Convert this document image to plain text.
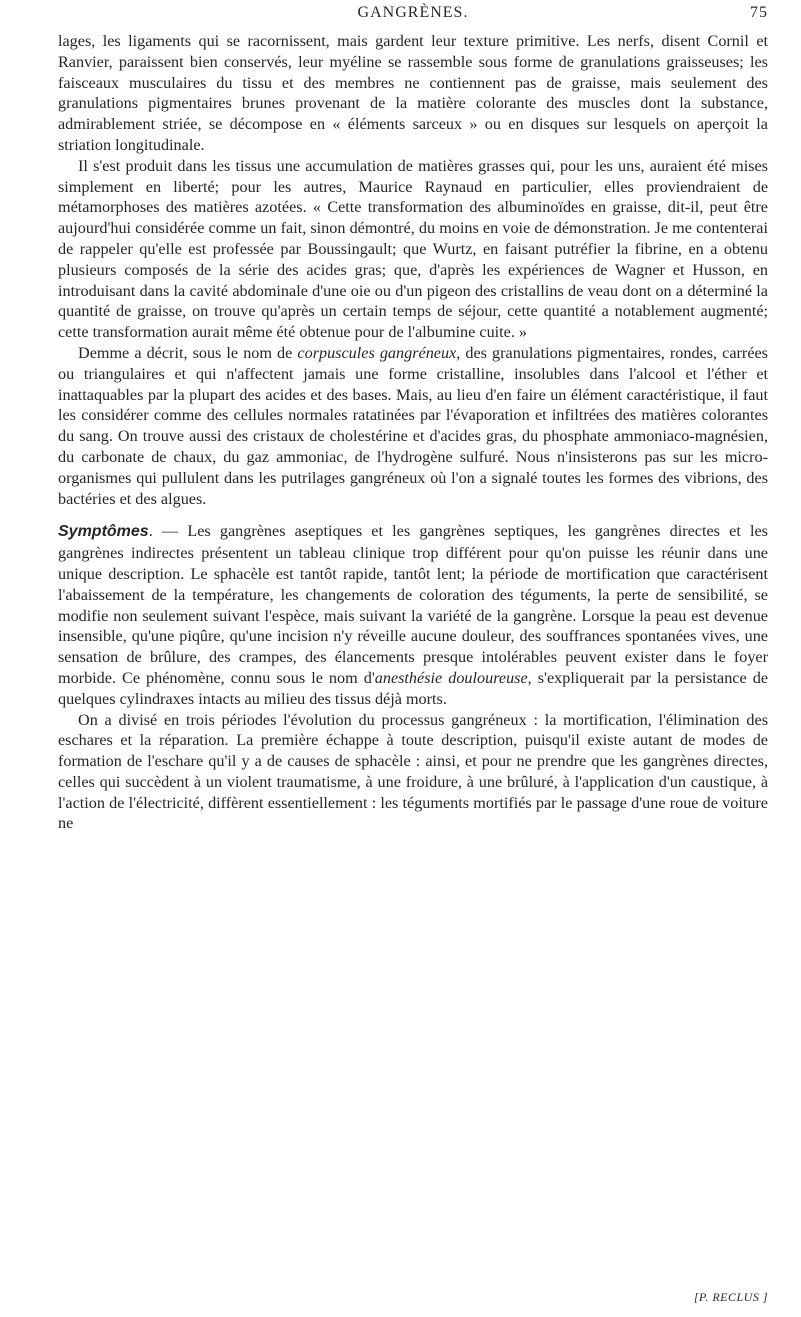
GANGRÈNES.	75

lages, les ligaments qui se racornissent, mais gardent leur texture primitive. Les nerfs, disent Cornil et Ranvier, paraissent bien conservés, leur myéline se rassemble sous forme de granulations graisseuses; les faisceaux musculaires du tissu et des membres ne contiennent pas de graisse, mais seulement des granulations pigmentaires brunes provenant de la matière colorante des muscles dont la substance, admirablement striée, se décompose en « éléments sarceux » ou en disques sur lesquels on aperçoit la striation longitudinale.

Il s'est produit dans les tissus une accumulation de matières grasses qui, pour les uns, auraient été mises simplement en liberté; pour les autres, Maurice Raynaud en particulier, elles proviendraient de métamorphoses des matières azotées. « Cette transformation des albuminoïdes en graisse, dit-il, peut être aujourd'hui considérée comme un fait, sinon démontré, du moins en voie de démonstration. Je me contenterai de rappeler qu'elle est professée par Boussingault; que Wurtz, en faisant putréfier la fibrine, en a obtenu plusieurs composés de la série des acides gras; que, d'après les expériences de Wagner et Husson, en introduisant dans la cavité abdominale d'une oie ou d'un pigeon des cristallins de veau dont on a déterminé la quantité de graisse, on trouve qu'après un certain temps de séjour, cette quantité a notablement augmenté; cette transformation aurait même été obtenue pour de l'albumine cuite. »

Demme a décrit, sous le nom de corpuscules gangréneux, des granulations pigmentaires, rondes, carrées ou triangulaires et qui n'affectent jamais une forme cristalline, insolubles dans l'alcool et l'éther et inattaquables par la plupart des acides et des bases. Mais, au lieu d'en faire un élément caractéristique, il faut les considérer comme des cellules normales ratatinées par l'évaporation et infiltrées des matières colorantes du sang. On trouve aussi des cristaux de cholestérine et d'acides gras, du phosphate ammoniaco-magnésien, du carbonate de chaux, du gaz ammoniac, de l'hydrogène sulfuré. Nous n'insisterons pas sur les micro-organismes qui pullulent dans les putrilages gangréneux où l'on a signalé toutes les formes des vibrions, des bactéries et des algues.

Symptômes. — Les gangrènes aseptiques et les gangrènes septiques, les gangrènes directes et les gangrènes indirectes présentent un tableau clinique trop différent pour qu'on puisse les réunir dans une unique description. Le sphacèle est tantôt rapide, tantôt lent; la période de mortification que caractérisent l'abaissement de la température, les changements de coloration des téguments, la perte de sensibilité, se modifie non seulement suivant l'espèce, mais suivant la variété de la gangrène. Lorsque la peau est devenue insensible, qu'une piqûre, qu'une incision n'y réveille aucune douleur, des souffrances spontanées vives, une sensation de brûlure, des crampes, des élancements presque intolérables peuvent exister dans le foyer morbide. Ce phénomène, connu sous le nom d'anesthésie douloureuse, s'expliquerait par la persistance de quelques cylindraxes intacts au milieu des tissus déjà morts.

On a divisé en trois périodes l'évolution du processus gangréneux : la mortification, l'élimination des eschares et la réparation. La première échappe à toute description, puisqu'il existe autant de modes de formation de l'eschare qu'il y a de causes de sphacèle : ainsi, et pour ne prendre que les gangrènes directes, celles qui succèdent à un violent traumatisme, à une froidure, à une brûluré, à l'application d'un caustique, à l'action de l'électricité, diffèrent essentiellement : les téguments mortifiés par le passage d'une roue de voiture ne

[P. RECLUS ]
